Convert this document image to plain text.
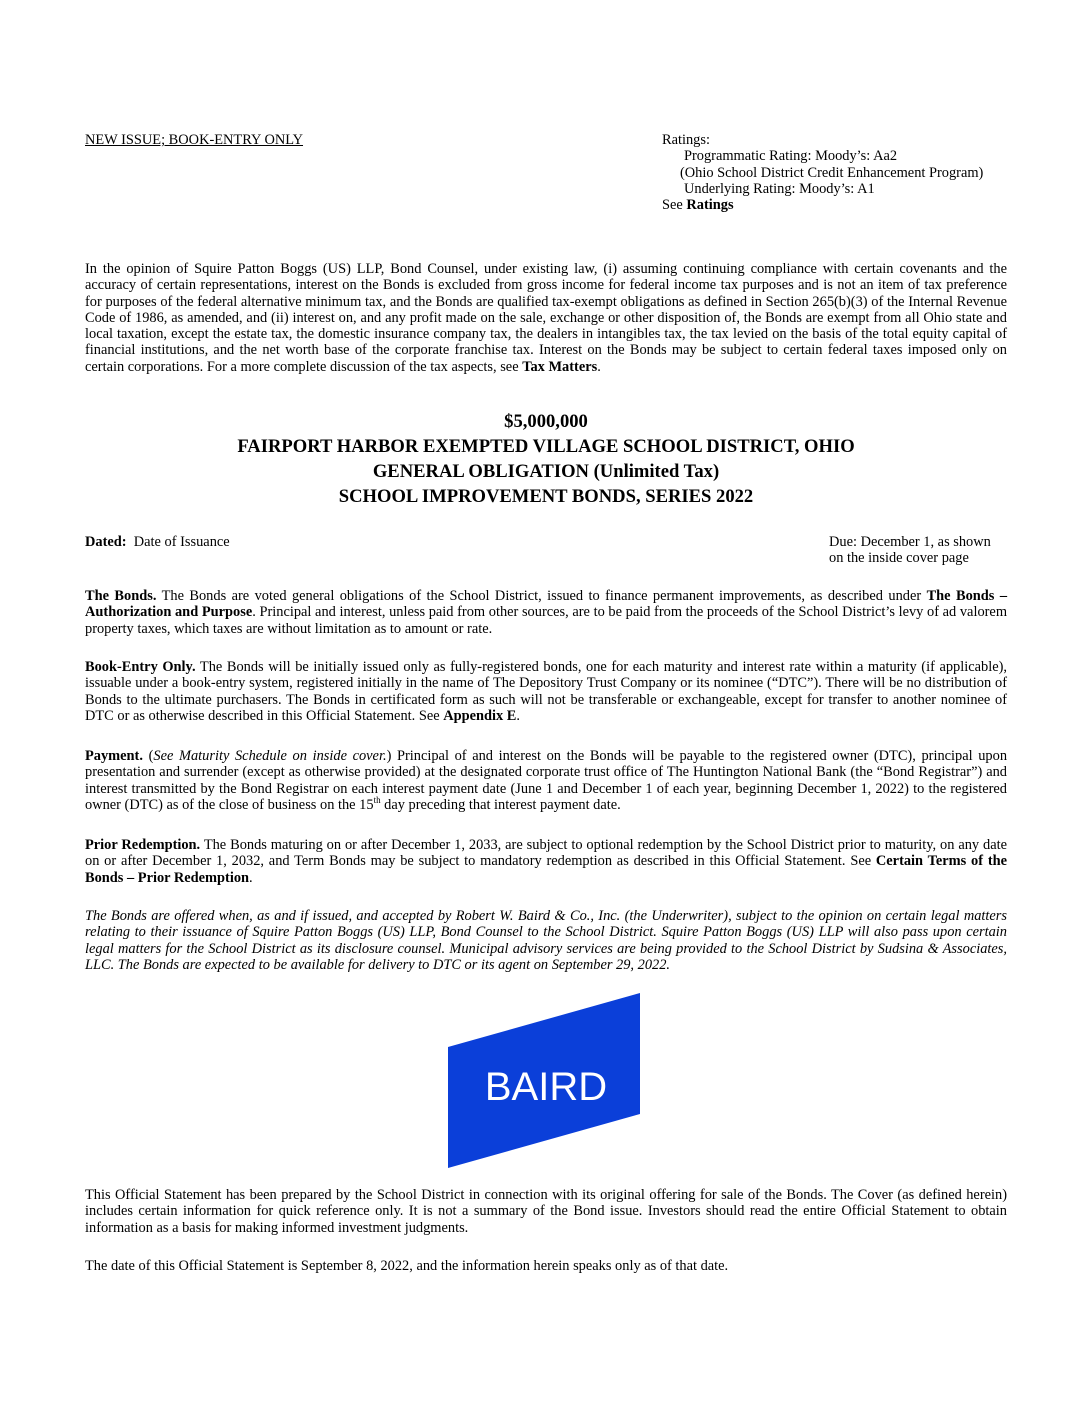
NEW ISSUE; BOOK-ENTRY ONLY	Ratings:
Programmatic Rating: Moody’s: Aa2
(Ohio School District Credit Enhancement Program)
Underlying Rating: Moody’s: A1
See Ratings
In the opinion of Squire Patton Boggs (US) LLP, Bond Counsel, under existing law, (i) assuming continuing compliance with certain covenants and the accuracy of certain representations, interest on the Bonds is excluded from gross income for federal income tax purposes and is not an item of tax preference for purposes of the federal alternative minimum tax, and the Bonds are qualified tax-exempt obligations as defined in Section 265(b)(3) of the Internal Revenue Code of 1986, as amended, and (ii) interest on, and any profit made on the sale, exchange or other disposition of, the Bonds are exempt from all Ohio state and local taxation, except the estate tax, the domestic insurance company tax, the dealers in intangibles tax, the tax levied on the basis of the total equity capital of financial institutions, and the net worth base of the corporate franchise tax. Interest on the Bonds may be subject to certain federal taxes imposed only on certain corporations. For a more complete discussion of the tax aspects, see Tax Matters.
$5,000,000
FAIRPORT HARBOR EXEMPTED VILLAGE SCHOOL DISTRICT, OHIO
GENERAL OBLIGATION (Unlimited Tax)
SCHOOL IMPROVEMENT BONDS, SERIES 2022
Dated:  Date of Issuance	Due: December 1, as shown
on the inside cover page
The Bonds. The Bonds are voted general obligations of the School District, issued to finance permanent improvements, as described under The Bonds – Authorization and Purpose. Principal and interest, unless paid from other sources, are to be paid from the proceeds of the School District’s levy of ad valorem property taxes, which taxes are without limitation as to amount or rate.
Book-Entry Only. The Bonds will be initially issued only as fully-registered bonds, one for each maturity and interest rate within a maturity (if applicable), issuable under a book-entry system, registered initially in the name of The Depository Trust Company or its nominee (“DTC”). There will be no distribution of Bonds to the ultimate purchasers. The Bonds in certificated form as such will not be transferable or exchangeable, except for transfer to another nominee of DTC or as otherwise described in this Official Statement. See Appendix E.
Payment. (See Maturity Schedule on inside cover.) Principal of and interest on the Bonds will be payable to the registered owner (DTC), principal upon presentation and surrender (except as otherwise provided) at the designated corporate trust office of The Huntington National Bank (the “Bond Registrar”) and interest transmitted by the Bond Registrar on each interest payment date (June 1 and December 1 of each year, beginning December 1, 2022) to the registered owner (DTC) as of the close of business on the 15th day preceding that interest payment date.
Prior Redemption. The Bonds maturing on or after December 1, 2033, are subject to optional redemption by the School District prior to maturity, on any date on or after December 1, 2032, and Term Bonds may be subject to mandatory redemption as described in this Official Statement. See Certain Terms of the Bonds – Prior Redemption.
The Bonds are offered when, as and if issued, and accepted by Robert W. Baird & Co., Inc. (the Underwriter), subject to the opinion on certain legal matters relating to their issuance of Squire Patton Boggs (US) LLP, Bond Counsel to the School District. Squire Patton Boggs (US) LLP will also pass upon certain legal matters for the School District as its disclosure counsel. Municipal advisory services are being provided to the School District by Sudsina & Associates, LLC. The Bonds are expected to be available for delivery to DTC or its agent on September 29, 2022.
BAIRD
This Official Statement has been prepared by the School District in connection with its original offering for sale of the Bonds. The Cover (as defined herein) includes certain information for quick reference only. It is not a summary of the Bond issue. Investors should read the entire Official Statement to obtain information as a basis for making informed investment judgments.
The date of this Official Statement is September 8, 2022, and the information herein speaks only as of that date.
